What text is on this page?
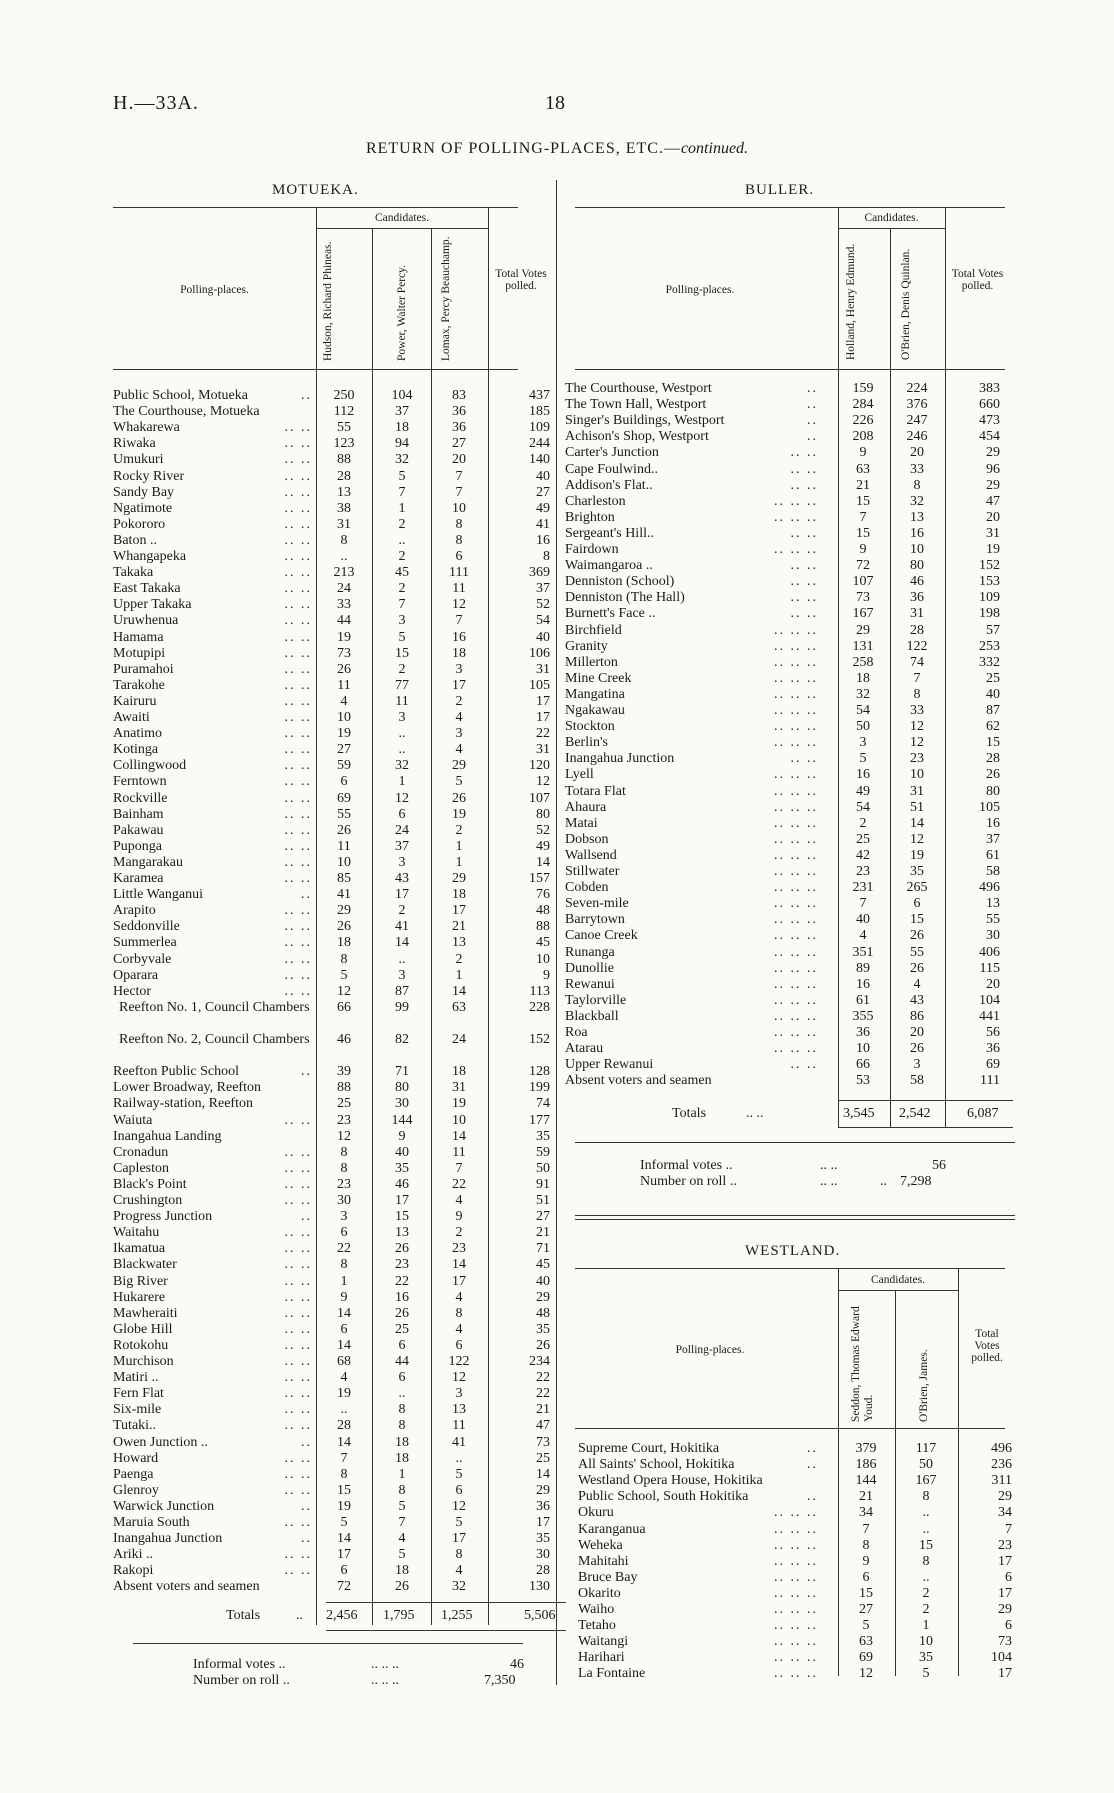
H.—33A.	18
RETURN OF POLLING-PLACES, ETC.—continued.
MOTUEKA.
Candidates.
Polling-places.
Total Votes polled.
Hudson, Richard Phineas.	Power, Walter Percy.	Lomax, Percy Beauchamp.
Public School, Motueka	..	250	104	83	437
The Courthouse, Motueka	112	37	36	185
Whakarewa	.. ..	55	18	36	109
Riwaka	.. ..	123	94	27	244
Umukuri	.. ..	88	32	20	140
Rocky River	.. ..	28	5	7	40
Sandy Bay	.. ..	13	7	7	27
Ngatimote	.. ..	38	1	10	49
Pokororo	.. ..	31	2	8	41
Baton ..	.. ..	8	..	8	16
Whangapeka	.. ..	..	2	6	8
Takaka	.. ..	213	45	111	369
East Takaka	.. ..	24	2	11	37
Upper Takaka	.. ..	33	7	12	52
Uruwhenua	.. ..	44	3	7	54
Hamama	.. ..	19	5	16	40
Motupipi	.. ..	73	15	18	106
Puramahoi	.. ..	26	2	3	31
Tarakohe	.. ..	11	77	17	105
Kairuru	.. ..	4	11	2	17
Awaiti	.. ..	10	3	4	17
Anatimo	.. ..	19	..	3	22
Kotinga	.. ..	27	..	4	31
Collingwood	.. ..	59	32	29	120
Ferntown	.. ..	6	1	5	12
Rockville	.. ..	69	12	26	107
Bainham	.. ..	55	6	19	80
Pakawau	.. ..	26	24	2	52
Puponga	.. ..	11	37	1	49
Mangarakau	.. ..	10	3	1	14
Karamea	.. ..	85	43	29	157
Little Wanganui	..	41	17	18	76
Arapito	.. ..	29	2	17	48
Seddonville	.. ..	26	41	21	88
Summerlea	.. ..	18	14	13	45
Corbyvale	.. ..	8	..	2	10
Oparara	.. ..	5	3	1	9
Hector	.. ..	12	87	14	113
Reefton No. 1, Council Chambers	66	99	63	228
Reefton No. 2, Council Chambers	46	82	24	152
Reefton Public School	..	39	71	18	128
Lower Broadway, Reefton	88	80	31	199
Railway-station, Reefton	25	30	19	74
Waiuta	.. ..	23	144	10	177
Inangahua Landing	12	9	14	35
Cronadun	.. ..	8	40	11	59
Capleston	.. ..	8	35	7	50
Black's Point	.. ..	23	46	22	91
Crushington	.. ..	30	17	4	51
Progress Junction	..	3	15	9	27
Waitahu	.. ..	6	13	2	21
Ikamatua	.. ..	22	26	23	71
Blackwater	.. ..	8	23	14	45
Big River	.. ..	1	22	17	40
Hukarere	.. ..	9	16	4	29
Mawheraiti	.. ..	14	26	8	48
Globe Hill	.. ..	6	25	4	35
Rotokohu	.. ..	14	6	6	26
Murchison	.. ..	68	44	122	234
Matiri ..	.. ..	4	6	12	22
Fern Flat	.. ..	19	..	3	22
Six-mile	.. ..	..	8	13	21
Tutaki..	.. ..	28	8	11	47
Owen Junction ..	..	14	18	41	73
Howard	.. ..	7	18	..	25
Paenga	.. ..	8	1	5	14
Glenroy	.. ..	15	8	6	29
Warwick Junction	..	19	5	12	36
Maruia South	.. ..	5	7	5	17
Inangahua Junction	..	14	4	17	35
Ariki ..	.. ..	17	5	8	30
Rakopi	.. ..	6	18	4	28
Absent voters and seamen	72	26	32	130
Totals	.. 2,456 1,795 1,255	5,506
Informal votes ..	.. .. ..	46
Number on roll ..	.. .. ..	7,350
BULLER.
Candidates.
Polling-places.
Total Votes polled.
Holland, Henry Edmund.	O'Brien, Denis Quinlan.
The Courthouse, Westport	..	159	224	383
The Town Hall, Westport	..	284	376	660
Singer's Buildings, Westport	..	226	247	473
Achison's Shop, Westport	..	208	246	454
Carter's Junction	.. ..	9	20	29
Cape Foulwind..	.. ..	63	33	96
Addison's Flat..	.. ..	21	8	29
Charleston	.. .. ..	15	32	47
Brighton	.. .. ..	7	13	20
Sergeant's Hill..	.. ..	15	16	31
Fairdown	.. .. ..	9	10	19
Waimangaroa ..	.. ..	72	80	152
Denniston (School)	.. ..	107	46	153
Denniston (The Hall)	.. ..	73	36	109
Burnett's Face ..	.. ..	167	31	198
Birchfield	.. .. ..	29	28	57
Granity	.. .. ..	131	122	253
Millerton	.. .. ..	258	74	332
Mine Creek	.. .. ..	18	7	25
Mangatina	.. .. ..	32	8	40
Ngakawau	.. .. ..	54	33	87
Stockton	.. .. ..	50	12	62
Berlin's	.. .. ..	3	12	15
Inangahua Junction	.. ..	5	23	28
Lyell	.. .. ..	16	10	26
Totara Flat	.. .. ..	49	31	80
Ahaura	.. .. ..	54	51	105
Matai	.. .. ..	2	14	16
Dobson	.. .. ..	25	12	37
Wallsend	.. .. ..	42	19	61
Stillwater	.. .. ..	23	35	58
Cobden	.. .. ..	231	265	496
Seven-mile	.. .. ..	7	6	13
Barrytown	.. .. ..	40	15	55
Canoe Creek	.. .. ..	4	26	30
Runanga	.. .. ..	351	55	406
Dunollie	.. .. ..	89	26	115
Rewanui	.. .. ..	16	4	20
Taylorville	.. .. ..	61	43	104
Blackball	.. .. ..	355	86	441
Roa	.. .. ..	36	20	56
Atarau	.. .. ..	10	26	36
Upper Rewanui	.. ..	66	3	69
Absent voters and seamen	53	58	111
Totals	.. ..	3,545 2,542	6,087
Informal votes ..	.. ..	56
Number on roll ..	.. ..	.. 7,298
WESTLAND.
Candidates.
Polling-places.
Total Votes polled.
Seddon, Thomas Edward Youd.	O'Brien, James.
Supreme Court, Hokitika	..	379	117	496
All Saints' School, Hokitika	..	186	50	236
Westland Opera House, Hokitika	144	167	311
Public School, South Hokitika	..	21	8	29
Okuru	.. .. ..	34	..	34
Karanganua	.. .. ..	7	..	7
Weheka	.. .. ..	8	15	23
Mahitahi	.. .. ..	9	8	17
Bruce Bay	.. .. ..	6	..	6
Okarito	.. .. ..	15	2	17
Waiho	.. .. ..	27	2	29
Tetaho	.. .. ..	5	1	6
Waitangi	.. .. ..	63	10	73
Harihari	.. .. ..	69	35	104
La Fontaine	.. .. ..	12	5	17
